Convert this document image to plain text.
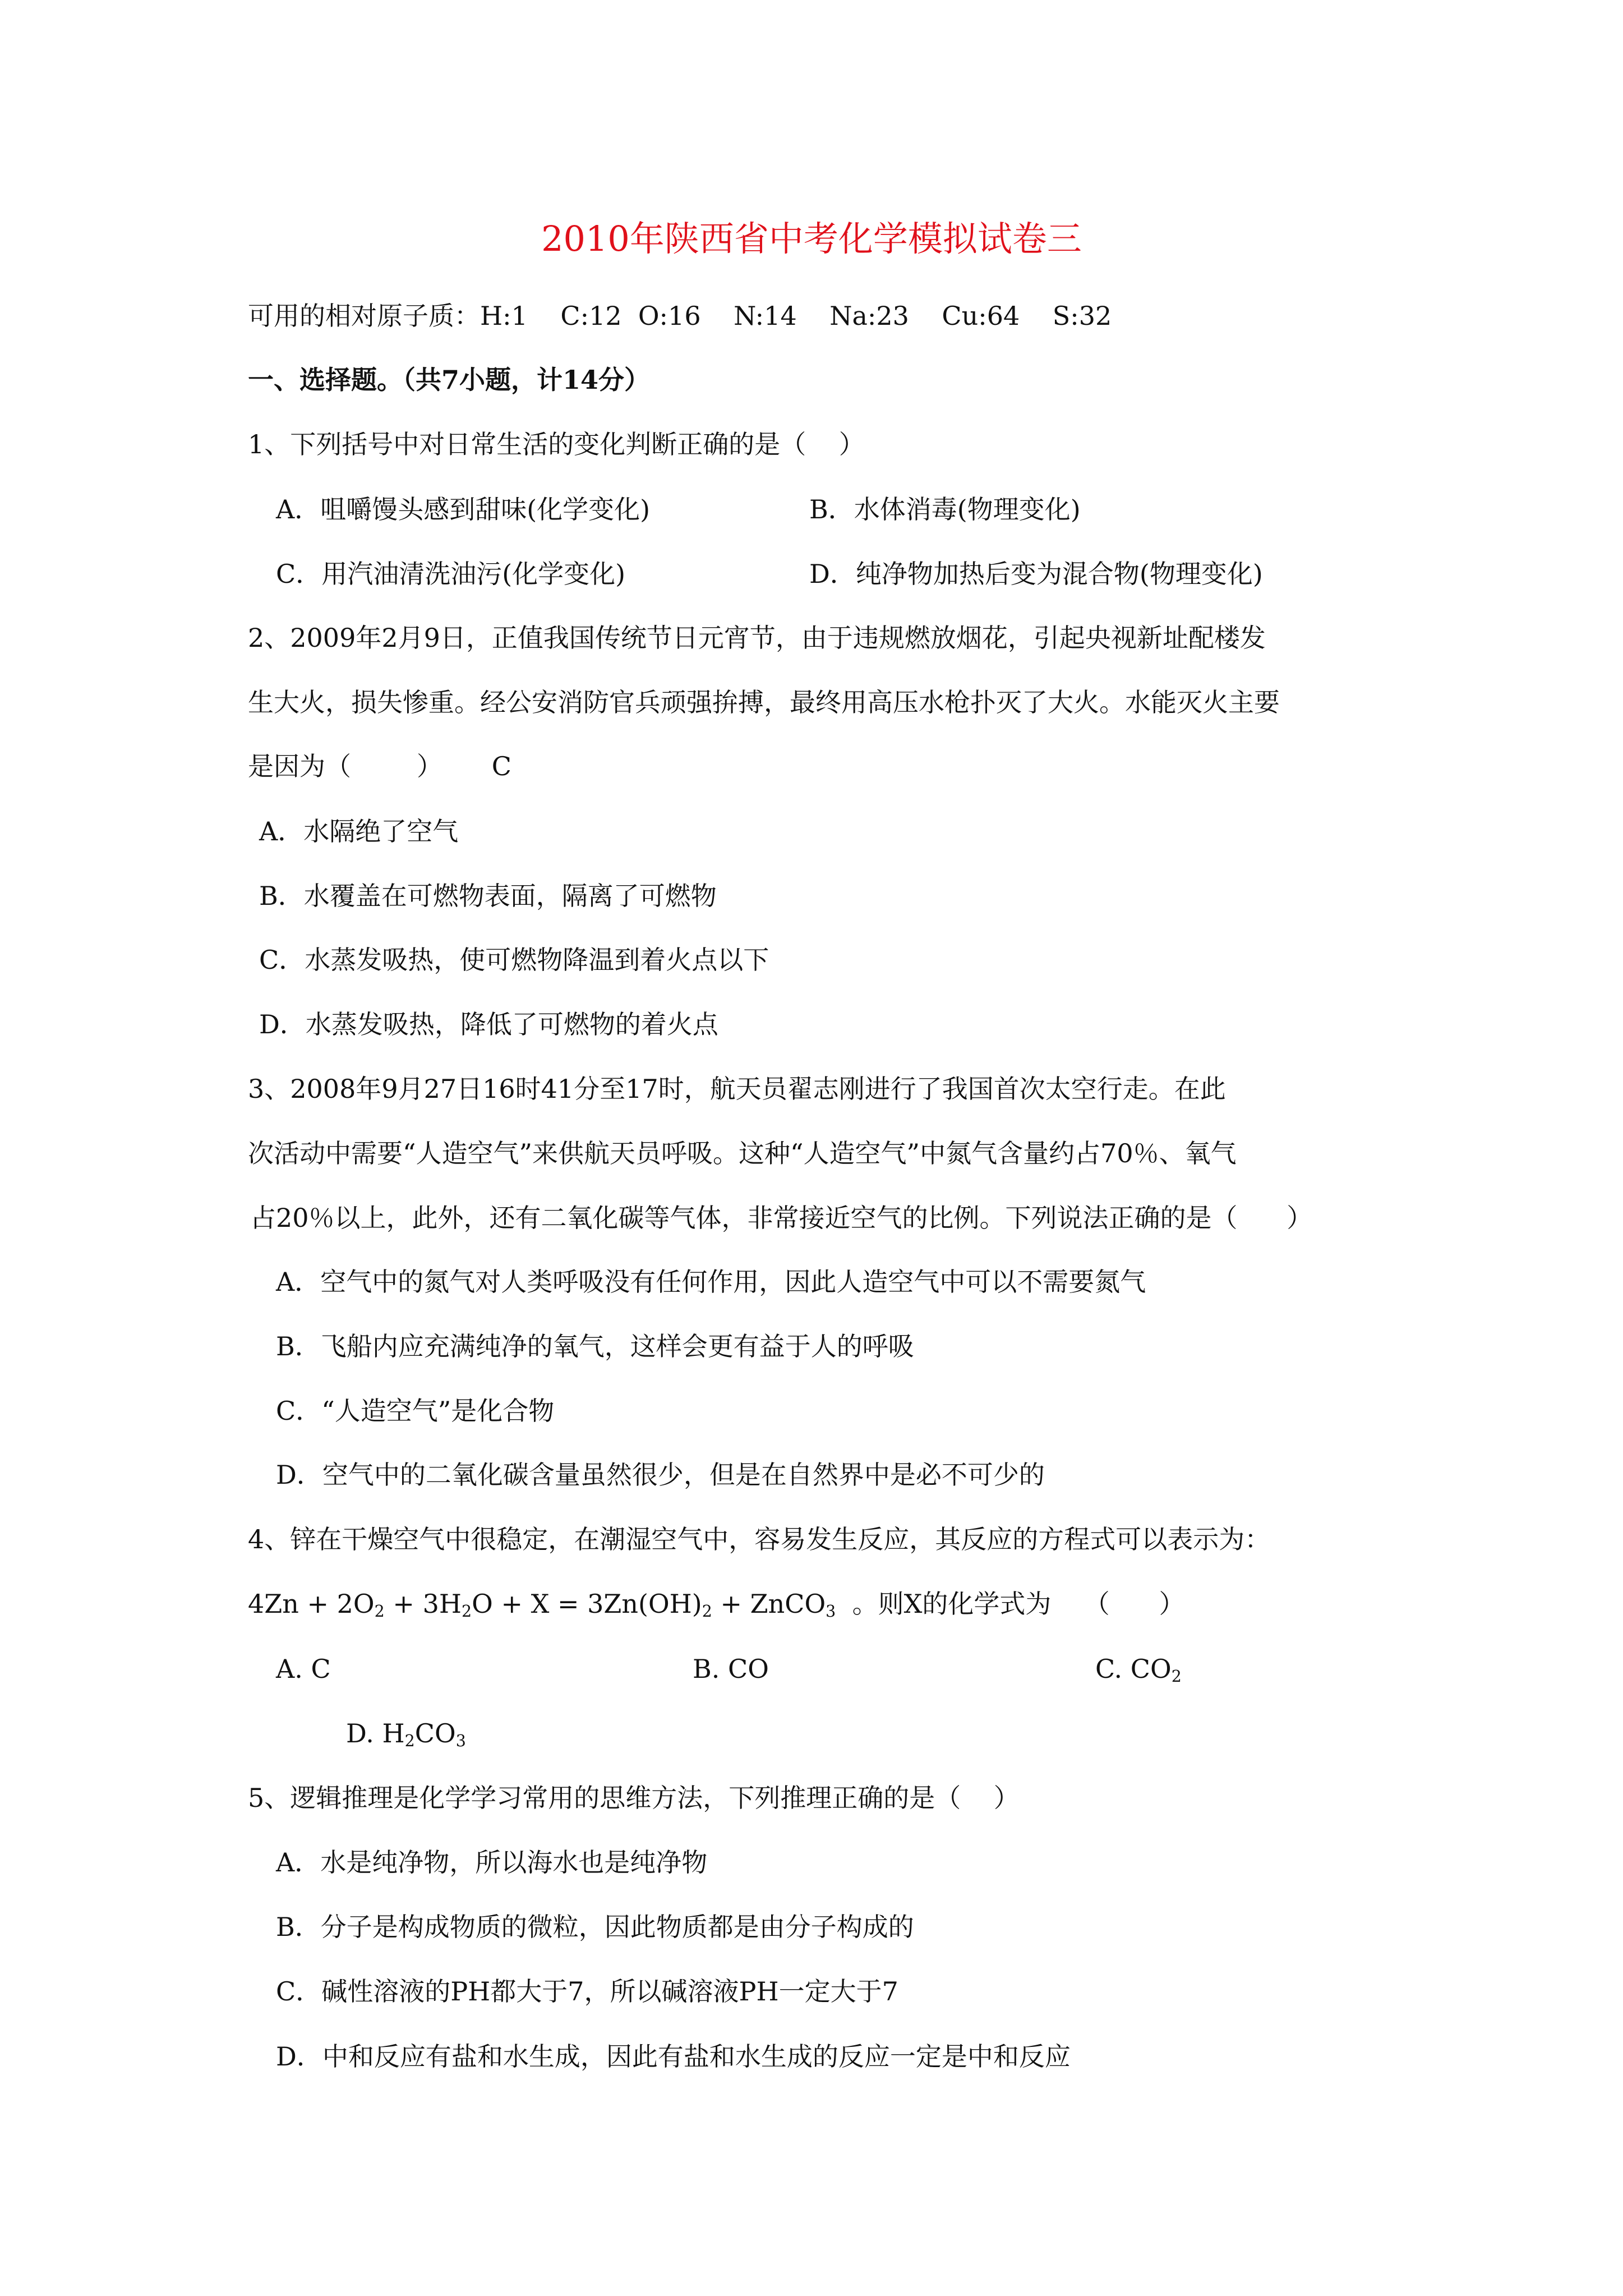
2010年陕西省中考化学模拟试卷三
可用的相对原子质：H:1    C:12  O:16    N:14    Na:23    Cu:64    S:32
一、选择题。（共7小题，计14分）
1、下列括号中对日常生活的变化判断正确的是（    ）
A．咀嚼馒头感到甜味(化学变化)	B．水体消毒(物理变化)
C．用汽油清洗油污(化学变化)	D．纯净物加热后变为混合物(物理变化)
2、2009年2月9日，正值我国传统节日元宵节，由于违规燃放烟花，引起央视新址配楼发
生大火，损失惨重。经公安消防官兵顽强拚搏，最终用高压水枪扑灭了大火。水能灭火主要
是因为（        ）      C
A．水隔绝了空气
B．水覆盖在可燃物表面，隔离了可燃物
C．水蒸发吸热，使可燃物降温到着火点以下
D．水蒸发吸热，降低了可燃物的着火点
3、2008年9月27日16时41分至17时，航天员翟志刚进行了我国首次太空行走。在此
次活动中需要“人造空气”来供航天员呼吸。这种“人造空气”中氮气含量约占70％、氧气
占20％以上，此外，还有二氧化碳等气体，非常接近空气的比例。下列说法正确的是（      ）
A．空气中的氮气对人类呼吸没有任何作用，因此人造空气中可以不需要氮气
B．飞船内应充满纯净的氧气，这样会更有益于人的呼吸
C．“人造空气”是化合物
D．空气中的二氧化碳含量虽然很少，但是在自然界中是必不可少的
4、锌在干燥空气中很稳定，在潮湿空气中，容易发生反应，其反应的方程式可以表示为：
$4Zn + 2O_2 + 3H_2O + X = 3Zn(OH)_2$ + ZnCO$_3$  。则X的化学式为    （      ）
A. C	B. CO	C. $CO_2$
D. $H_2CO_3$
5、逻辑推理是化学学习常用的思维方法，下列推理正确的是（    ）
A．水是纯净物，所以海水也是纯净物
B．分子是构成物质的微粒，因此物质都是由分子构成的
C．碱性溶液的PH都大于7，所以碱溶液PH一定大于7
D．中和反应有盐和水生成，因此有盐和水生成的反应一定是中和反应
